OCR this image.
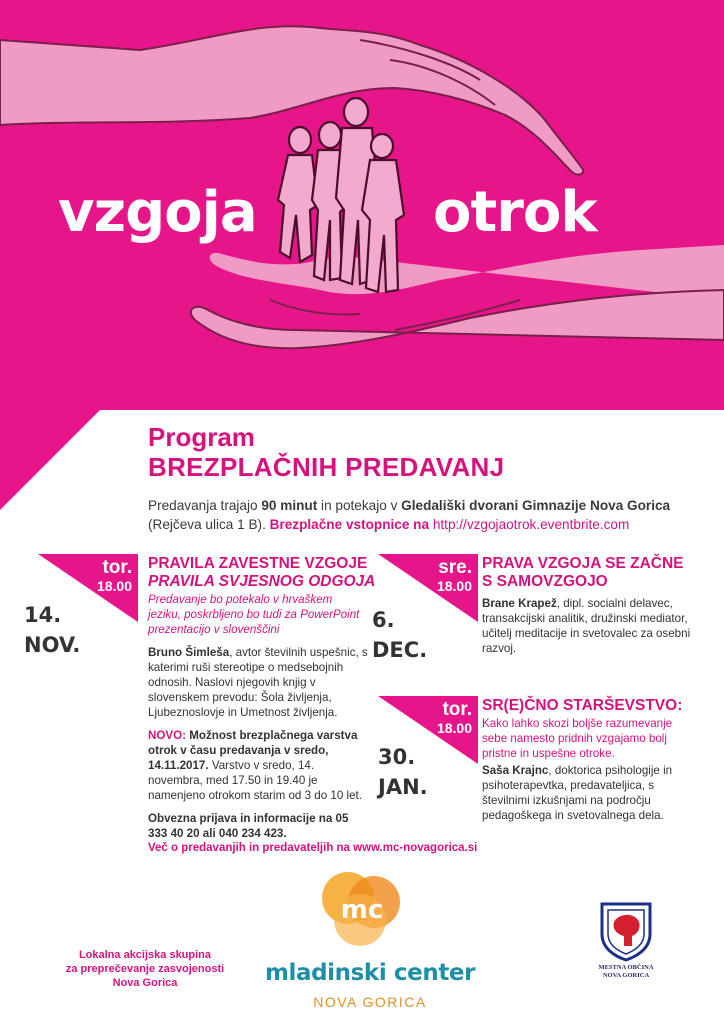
vzgoja	otrok
Program
BREZPLAČNIH PREDAVANJ
Predavanja trajajo 90 minut in potekajo v Gledališki dvorani Gimnazije Nova Gorica
(Rejčeva ulica 1 B). Brezplačne vstopnice na http://vzgojaotrok.eventbrite.com
tor.
18.00
14.
NOV.
PRAVILA ZAVESTNE VZGOJE
PRAVILA SVJESNOG ODGOJA

Predavanje bo potekalo v hrvaškem jeziku, poskrbljeno bo tudi za PowerPoint prezentacijo v slovenščini

Bruno Šimleša, avtor številnih uspešnic, s katerimi ruši stereotipe o medsebojnih odnosih. Naslovi njegovih knjig v slovenskem prevodu: Šola življenja, Ljubeznoslovje in Umetnost življenja.

NOVO: Možnost brezplačnega varstva otrok v času predavanja v sredo, 14.11.2017. Varstvo v sredo, 14. novembra, med 17.50 in 19.40 je namenjeno otrokom starim od 3 do 10 let.

Obvezna prijava in informacije na 05 333 40 20 ali 040 234 423.

sre.
18.00
6.
DEC.
PRAVA VZGOJA SE ZAČNE
S SAMOVZGOJO

Brane Krapež, dipl. socialni delavec, transakcijski analitik, družinski mediator, učitelj meditacije in svetovalec za osebni razvoj.

tor.
18.00
30.
JAN.
SR(E)ČNO STARŠEVSTVO:

Kako lahko skozi boljše razumevanje sebe namesto pridnih vzgajamo bolj pristne in uspešne otroke.

Saša Krajnc, doktorica psihologije in psihoterapevtka, predavateljica, s številnimi izkušnjami na področju pedagoškega in svetovalnega dela.

Več o predavanjih in predavateljih na www.mc-novagorica.si
Lokalna akcijska skupina
za preprečevanje zasvojenosti
Nova Gorica
mc
mladinski center
NOVA GORICA
MESTNA OBČINA
NOVA GORICA
